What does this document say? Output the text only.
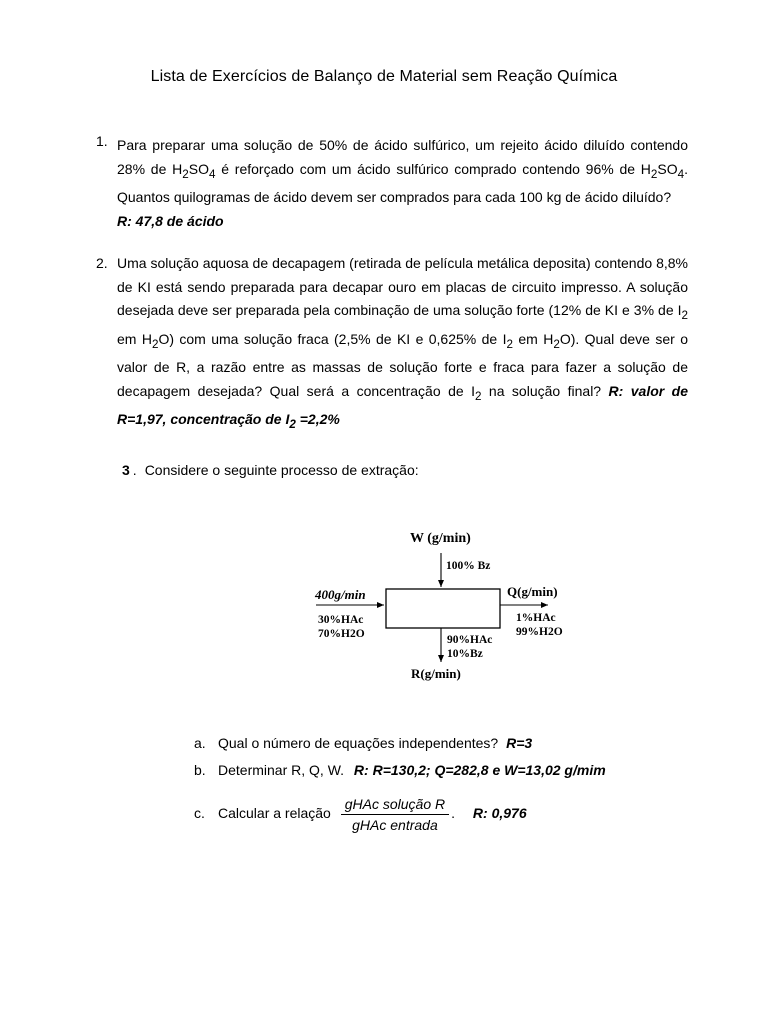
Lista de Exercícios de Balanço de Material sem Reação Química
1. Para preparar uma solução de 50% de ácido sulfúrico, um rejeito ácido diluído contendo 28% de $H_2SO_4$ é reforçado com um ácido sulfúrico comprado contendo 96% de $H_2SO_4$. Quantos quilogramas de ácido devem ser comprados para cada 100 kg de ácido diluído?
R: 47,8 de ácido
2. Uma solução aquosa de decapagem (retirada de película metálica deposita) contendo 8,8% de KI está sendo preparada para decapar ouro em placas de circuito impresso. A solução desejada deve ser preparada pela combinação de uma solução forte (12% de KI e 3% de $I_2$ em $H_2O$) com uma solução fraca (2,5% de KI e 0,625% de $I_2$ em $H_2O$). Qual deve ser o valor de R, a razão entre as massas de solução forte e fraca para fazer a solução de decapagem desejada? Qual será a concentração de $I_2$ na solução final? R: valor de R=1,97, concentração de $I_2 =2,2\%$
3 . Considere o seguinte processo de extração:
W (g/min)
100% Bz
400g/min
30%HAc
70%H2O
Q(g/min)
1%HAc
99%H2O
90%HAc
10%Bz
R(g/min)
a. Qual o número de equações independentes? R=3
b. Determinar R, Q, W. R: R=130,2; Q=282,8 e W=13,02 g/mim
c. Calcular a relação $\frac{\text{gHAc solução R}}{\text{gHAc entrada}}$ . R: 0,976
